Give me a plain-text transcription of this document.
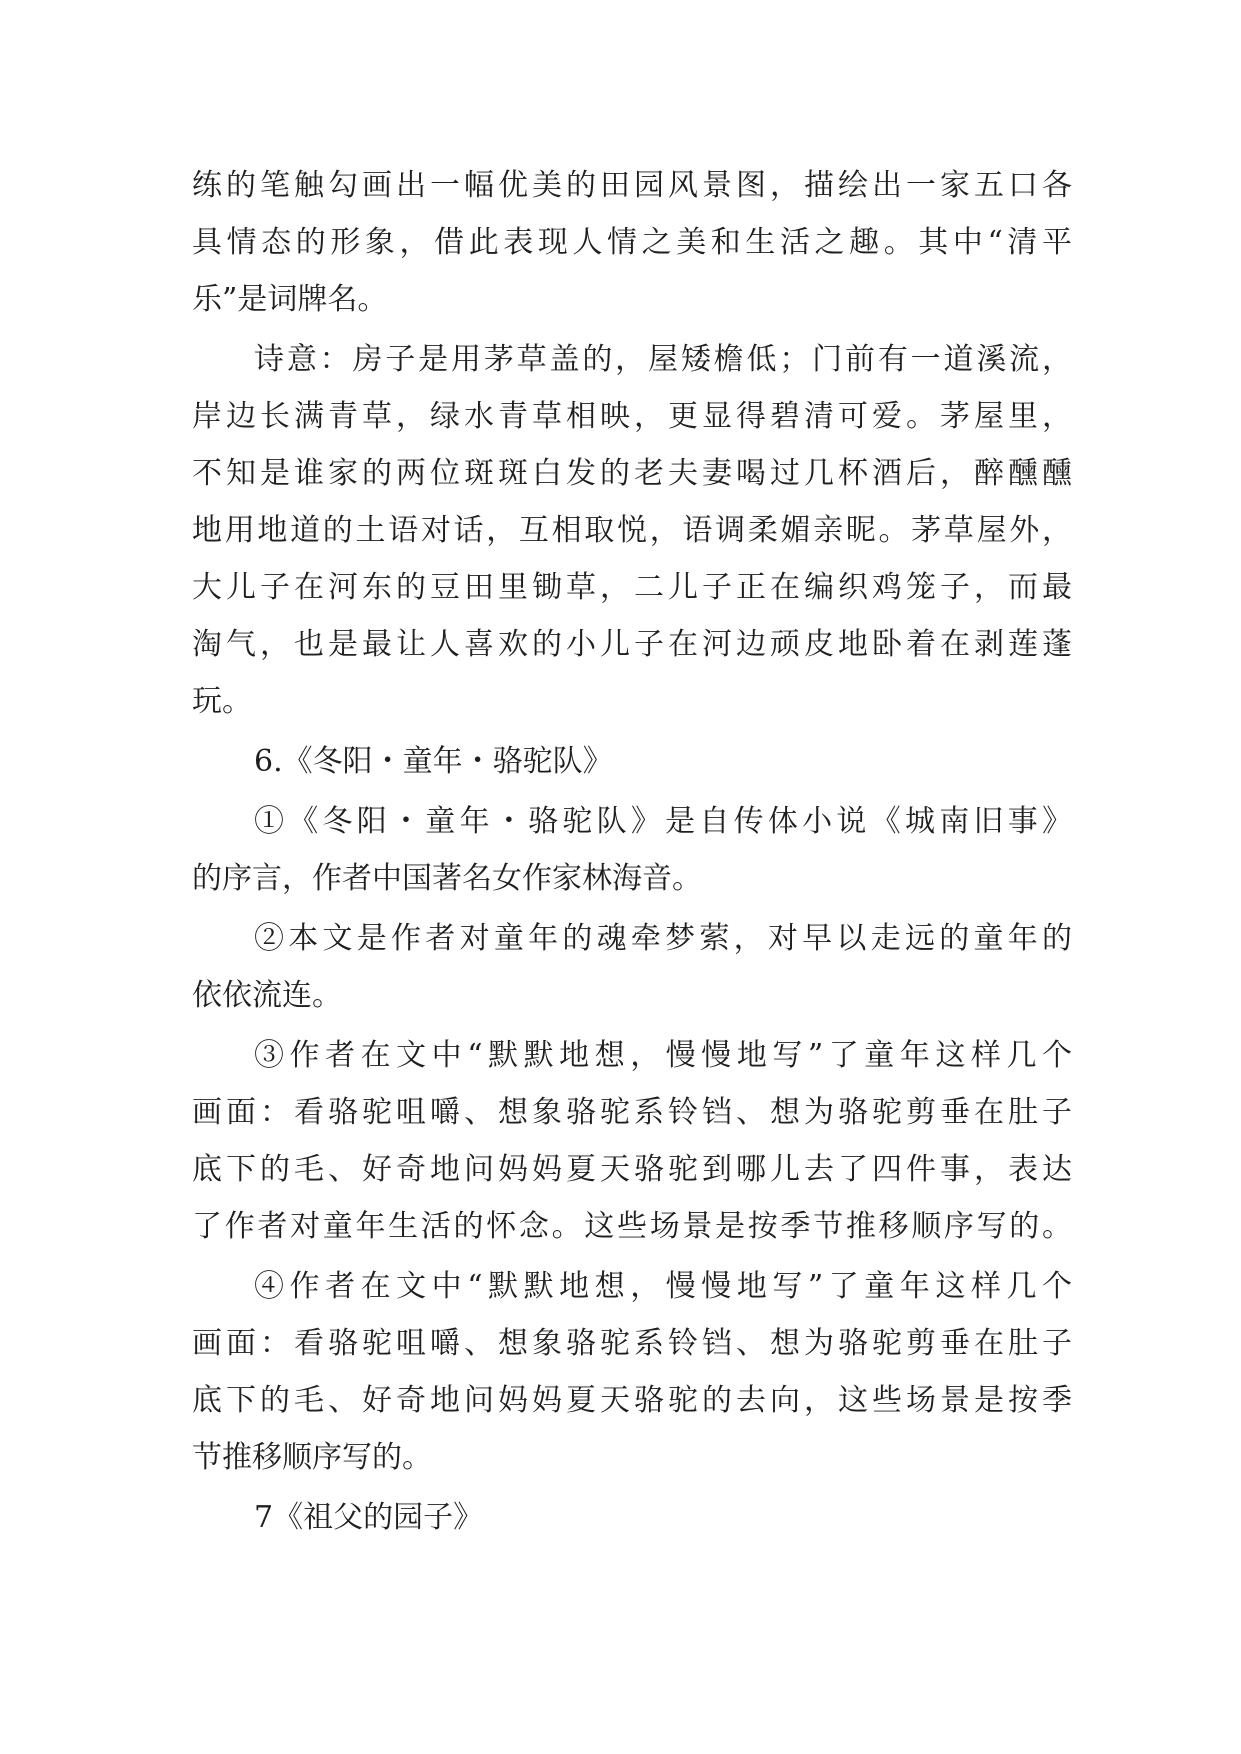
练的笔触勾画出一幅优美的田园风景图，描绘出一家五口各
具情态的形象，借此表现人情之美和生活之趣。其中“清平
乐”是词牌名。
诗意：房子是用茅草盖的，屋矮檐低；门前有一道溪流，
岸边长满青草，绿水青草相映，更显得碧清可爱。茅屋里，
不知是谁家的两位斑斑白发的老夫妻喝过几杯酒后，醉醺醺
地用地道的土语对话，互相取悦，语调柔媚亲昵。茅草屋外，
大儿子在河东的豆田里锄草，二儿子正在编织鸡笼子，而最
淘气，也是最让人喜欢的小儿子在河边顽皮地卧着在剥莲蓬
玩。
6.《冬阳・童年・骆驼队》
①《冬阳・童年・骆驼队》是自传体小说《城南旧事》
的序言，作者中国著名女作家林海音。
②本文是作者对童年的魂牵梦萦，对早以走远的童年的
依依流连。
③作者在文中“默默地想，慢慢地写”了童年这样几个
画面：看骆驼咀嚼、想象骆驼系铃铛、想为骆驼剪垂在肚子
底下的毛、好奇地问妈妈夏天骆驼到哪儿去了四件事，表达
了作者对童年生活的怀念。这些场景是按季节推移顺序写的。
④作者在文中“默默地想，慢慢地写”了童年这样几个
画面：看骆驼咀嚼、想象骆驼系铃铛、想为骆驼剪垂在肚子
底下的毛、好奇地问妈妈夏天骆驼的去向，这些场景是按季
节推移顺序写的。
7《祖父的园子》
